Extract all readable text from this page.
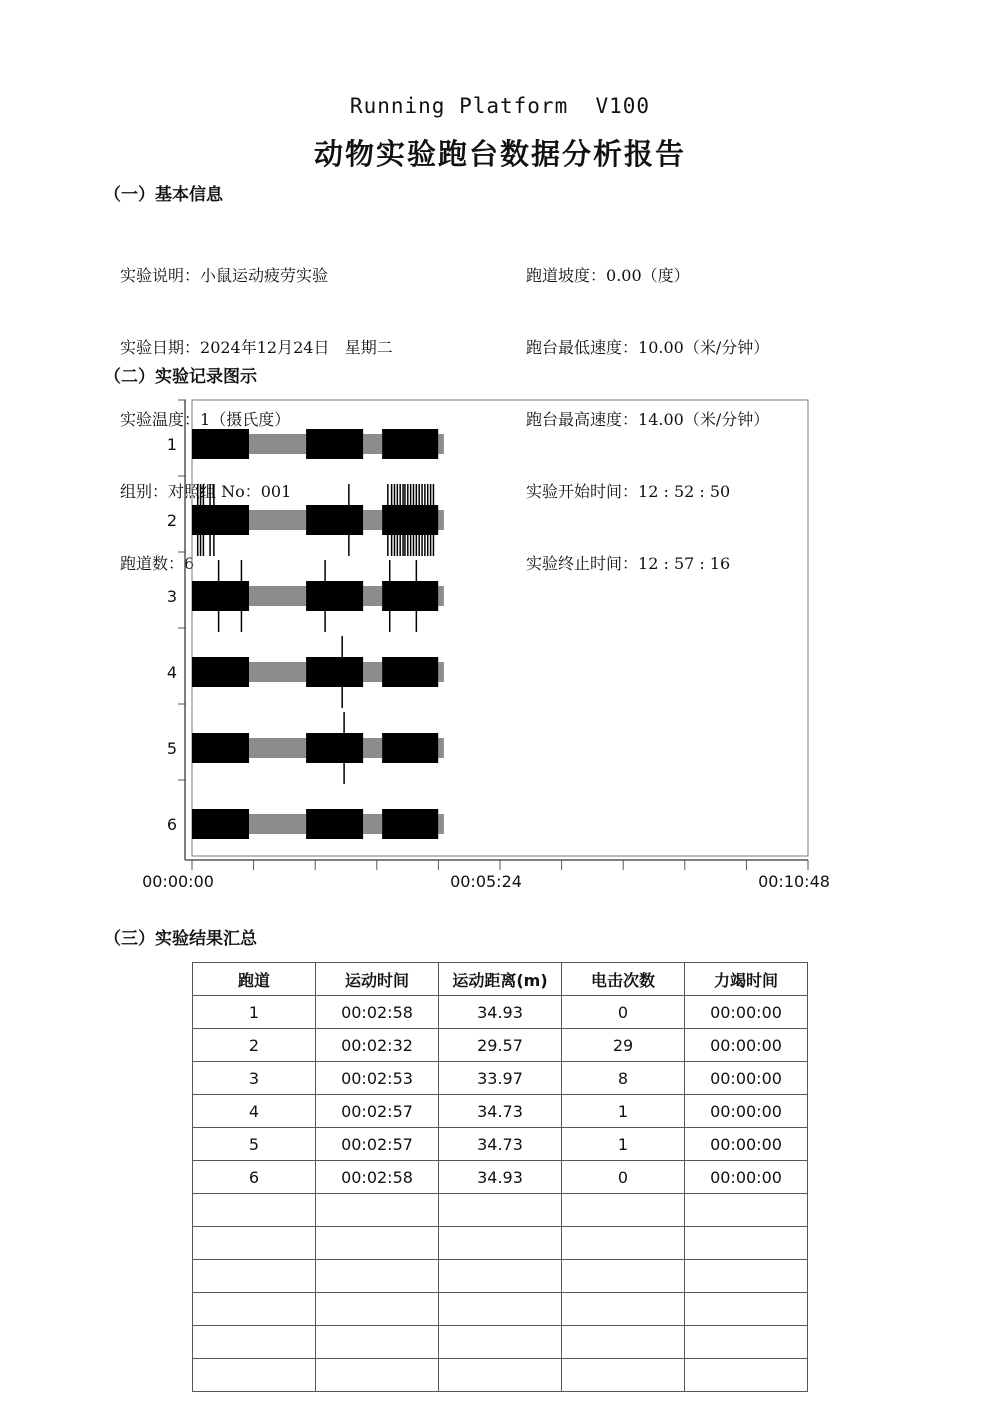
Running Platform  V100
动物实验跑台数据分析报告
（一）基本信息

实验说明：小鼠运动疲劳实验

实验日期：2024年12月24日   星期二

实验温度：1（摄氏度）

组别：对照组 No：001

跑道数：6

跑道坡度：0.00（度）

跑台最低速度：10.00（米/分钟）

跑台最高速度：14.00（米/分钟）

实验开始时间：12 : 52 : 50

实验终止时间：12 : 57 : 16

（二）实验记录图示
1
2
3
4
5
6
00:00:00	00:05:24	00:10:48
（三）实验结果汇总
跑道	运动时间	运动距离(m)	电击次数	力竭时间
1	00:02:58	34.93	0	00:00:00
2	00:02:32	29.57	29	00:00:00
3	00:02:53	33.97	8	00:00:00
4	00:02:57	34.73	1	00:00:00
5	00:02:57	34.73	1	00:00:00
6	00:02:58	34.93	0	00:00:00
